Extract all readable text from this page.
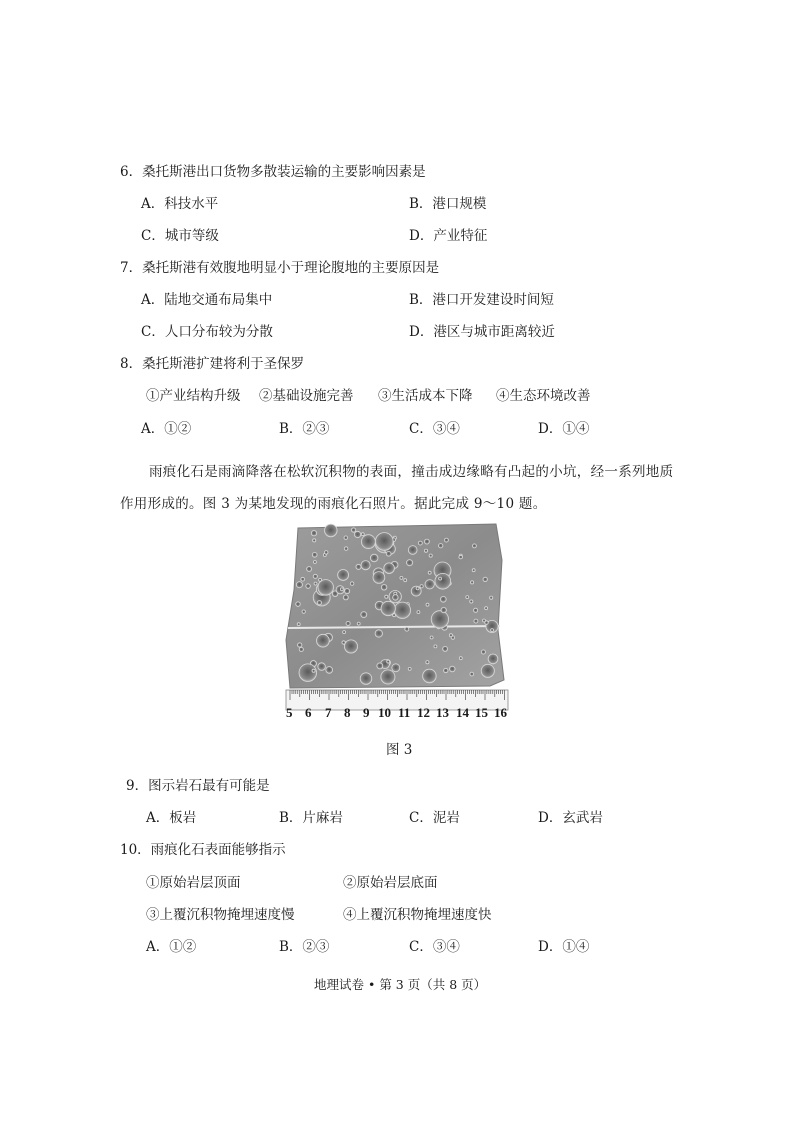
6．桑托斯港出口货物多散装运输的主要影响因素是
A．科技水平	B．港口规模
C．城市等级	D．产业特征
7．桑托斯港有效腹地明显小于理论腹地的主要原因是
A．陆地交通布局集中	B．港口开发建设时间短
C．人口分布较为分散	D．港区与城市距离较近
8．桑托斯港扩建将利于圣保罗
①产业结构升级 ②基础设施完善 ③生活成本下降 ④生态环境改善
A．①②	B．②③	C．③④	D．①④
雨痕化石是雨滴降落在松软沉积物的表面，撞击成边缘略有凸起的小坑，经一系列地质
作用形成的。图 3 为某地发现的雨痕化石照片。据此完成 9～10 题。
5 6 7 8 9 10 11 12 13 14 15 16
图 3
9．图示岩石最有可能是
A．板岩	B．片麻岩	C．泥岩	D．玄武岩
10．雨痕化石表面能够指示
①原始岩层顶面	②原始岩层底面
③上覆沉积物掩埋速度慢	④上覆沉积物掩埋速度快
A．①②	B．②③	C．③④	D．①④
地理试卷 • 第 3 页（共 8 页）
